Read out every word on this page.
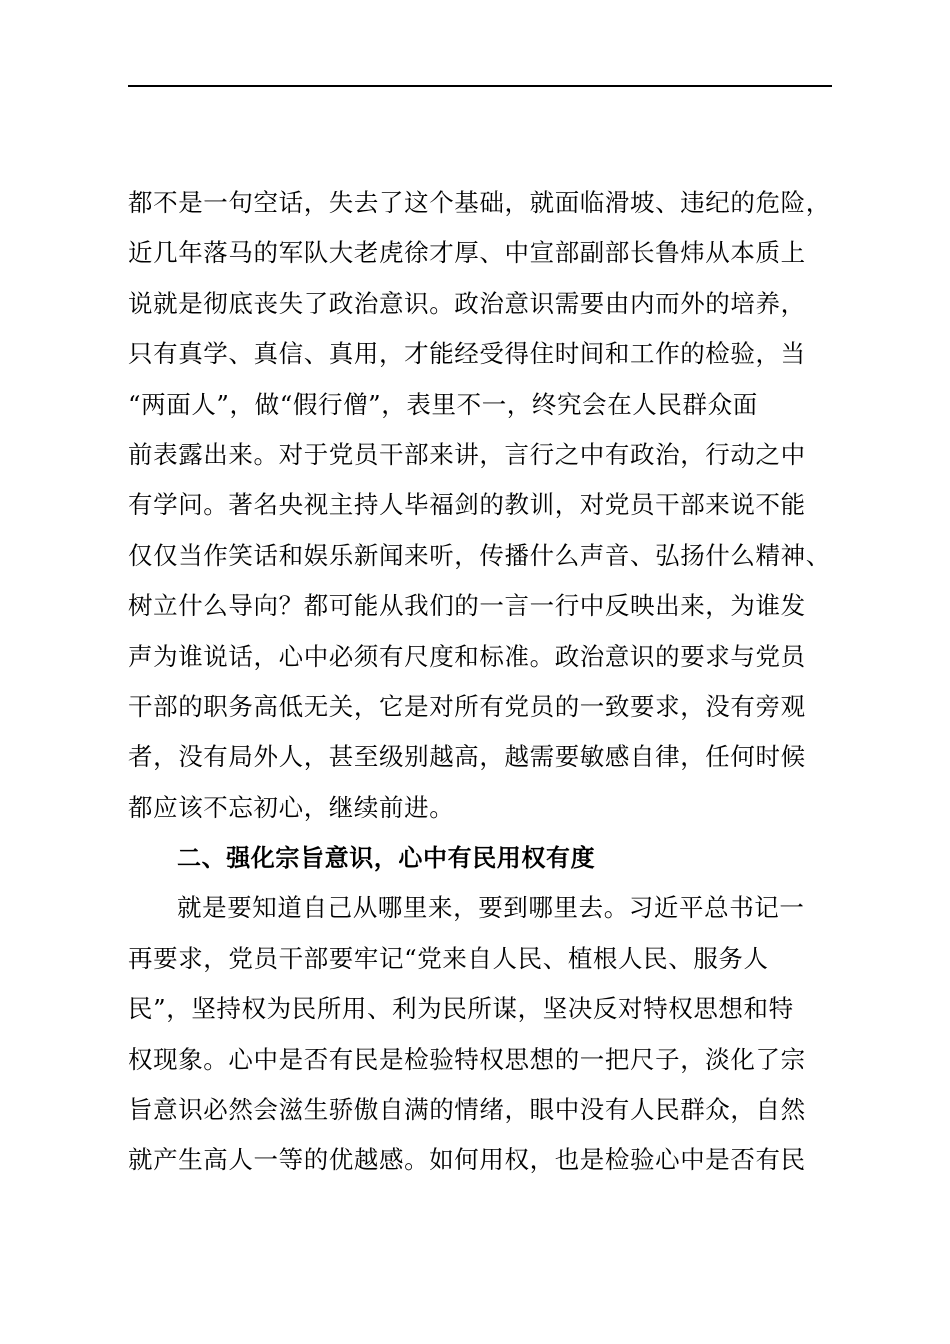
都不是一句空话，失去了这个基础，就面临滑坡、违纪的危险，
近几年落马的军队大老虎徐才厚、中宣部副部长鲁炜从本质上
说就是彻底丧失了政治意识。政治意识需要由内而外的培养，
只有真学、真信、真用，才能经受得住时间和工作的检验，当
“两面人”，做“假行僧”，表里不一，终究会在人民群众面
前表露出来。对于党员干部来讲，言行之中有政治，行动之中
有学问。著名央视主持人毕福剑的教训，对党员干部来说不能
仅仅当作笑话和娱乐新闻来听，传播什么声音、弘扬什么精神、
树立什么导向？都可能从我们的一言一行中反映出来，为谁发
声为谁说话，心中必须有尺度和标准。政治意识的要求与党员
干部的职务高低无关，它是对所有党员的一致要求，没有旁观
者，没有局外人，甚至级别越高，越需要敏感自律，任何时候
都应该不忘初心，继续前进。
二、强化宗旨意识，心中有民用权有度
就是要知道自己从哪里来，要到哪里去。习近平总书记一
再要求，党员干部要牢记“党来自人民、植根人民、服务人
民”，坚持权为民所用、利为民所谋，坚决反对特权思想和特
权现象。心中是否有民是检验特权思想的一把尺子，淡化了宗
旨意识必然会滋生骄傲自满的情绪，眼中没有人民群众，自然
就产生高人一等的优越感。如何用权，也是检验心中是否有民
